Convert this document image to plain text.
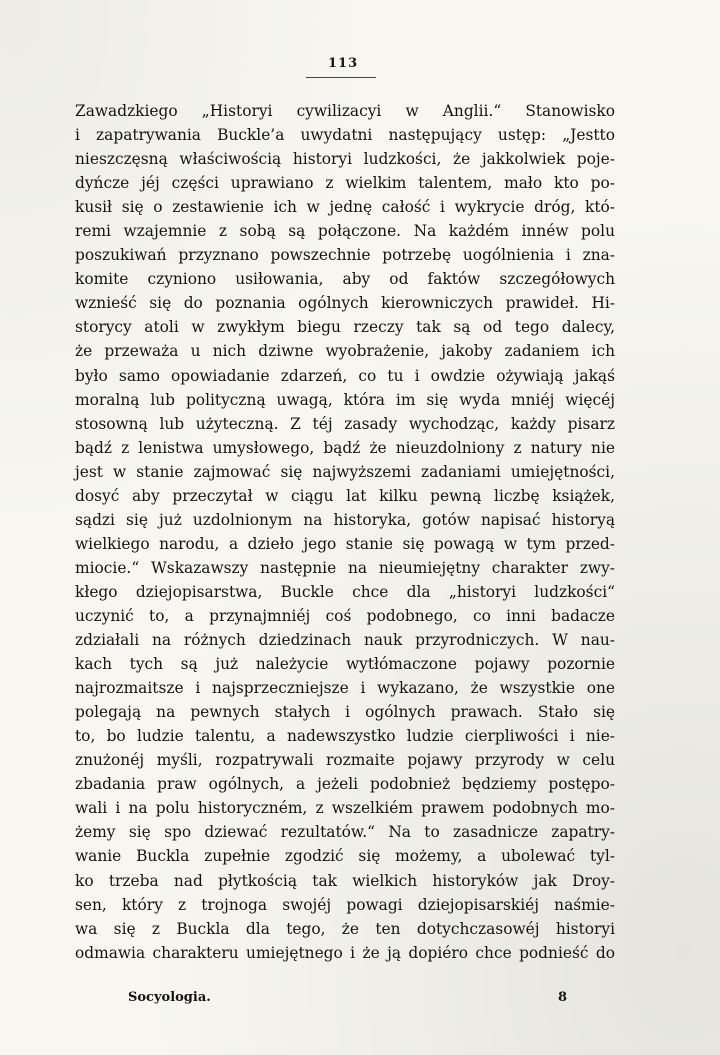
113
Zawadzkiego „Historyi cywilizacyi w Anglii.“ Stanowisko
i zapatrywania Buckle’a uwydatni następujący ustęp: „Jestto
nieszczęsną właściwością historyi ludzkości, że jakkolwiek poje-
dyńcze jéj części uprawiano z wielkim talentem, mało kto po-
kusił się o zestawienie ich w jednę całość i wykrycie dróg, któ-
remi wzajemnie z sobą są połączone. Na każdém innéw polu
poszukiwań przyznano powszechnie potrzebę uogólnienia i zna-
komite czyniono usiłowania, aby od faktów szczegółowych
wznieść się do poznania ogólnych kierowniczych prawideł. Hi-
storycy atoli w zwykłym biegu rzeczy tak są od tego dalecy,
że przeważa u nich dziwne wyobrażenie, jakoby zadaniem ich
było samo opowiadanie zdarzeń, co tu i owdzie ożywiają jakąś
moralną lub polityczną uwagą, która im się wyda mniéj więcéj
stosowną lub użyteczną. Z téj zasady wychodząc, każdy pisarz
bądź z lenistwa umysłowego, bądź że nieuzdolniony z natury nie
jest w stanie zajmować się najwyższemi zadaniami umiejętności,
dosyć aby przeczytał w ciągu lat kilku pewną liczbę książek,
sądzi się już uzdolnionym na historyka, gotów napisać historyą
wielkiego narodu, a dzieło jego stanie się powagą w tym przed-
miocie.“ Wskazawszy następnie na nieumiejętny charakter zwy-
kłego dziejopisarstwa, Buckle chce dla „historyi ludzkości“
uczynić to, a przynajmniéj coś podobnego, co inni badacze
zdziałali na różnych dziedzinach nauk przyrodniczych. W nau-
kach tych są już należycie wytłómaczone pojawy pozornie
najrozmaitsze i najsprzeczniejsze i wykazano, że wszystkie one
polegają na pewnych stałych i ogólnych prawach. Stało się
to, bo ludzie talentu, a nadewszystko ludzie cierpliwości i nie-
znużonéj myśli, rozpatrywali rozmaite pojawy przyrody w celu
zbadania praw ogólnych, a jeżeli podobnież będziemy postępo-
wali i na polu historyczném, z wszelkiém prawem podobnych mo-
żemy się spo dziewać rezultatów.“ Na to zasadnicze zapatry-
wanie Buckla zupełnie zgodzić się możemy, a ubolewać tyl-
ko trzeba nad płytkością tak wielkich historyków jak Droy-
sen, który z trojnoga swojéj powagi dziejopisarskiéj naśmie-
wa się z Buckla dla tego, że ten dotychczasowéj historyi
odmawia charakteru umiejętnego i że ją dopiéro chce podnieść do
Socyologia.	8
